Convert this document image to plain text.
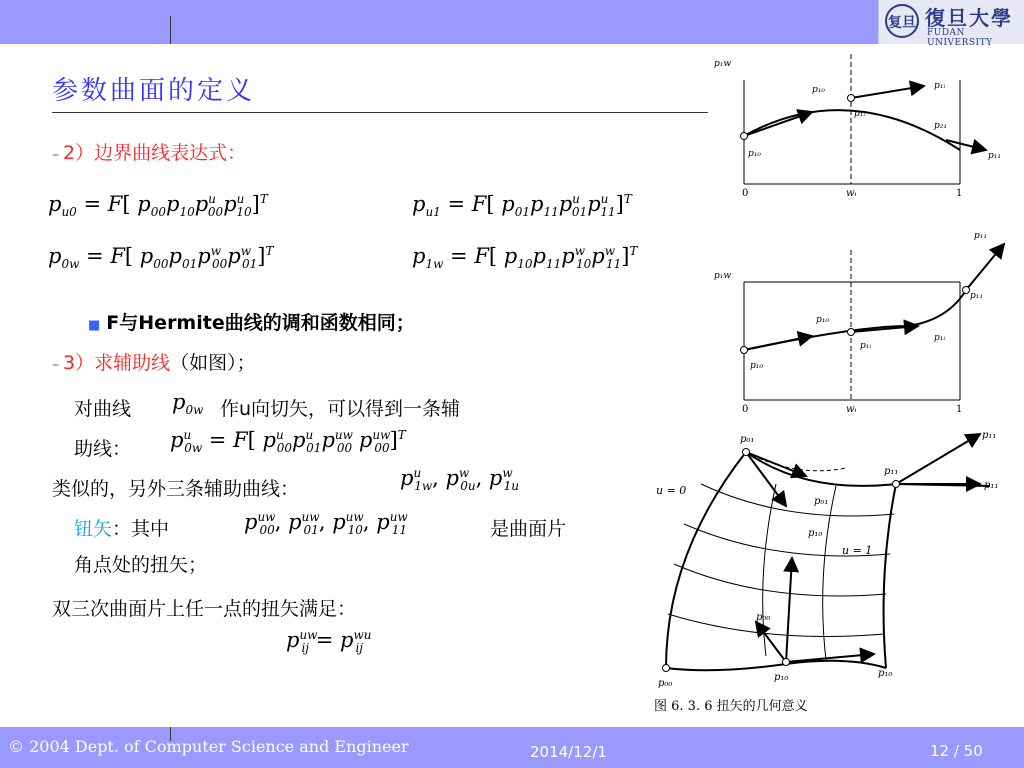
复旦 復旦大學
FUDAN UNIVERSITY
参数曲面的定义
– 2）边界曲线表达式：
$p_{u0} = F$[ $p_{00}p_{10}p^u_{00}p^u_{10}]^T$	$p_{u1} = F$[ $p_{01}p_{11}p^u_{01}p^u_{11}]^T$
$p_{0w} = F$[ $p_{00}p_{01}p^w_{00}p^w_{01}]^T$	$p_{1w} = F$[ $p_{10}p_{11}p^w_{10}p^w_{11}]^T$
■ F与Hermite曲线的调和函数相同；
– 3）求辅助线（如图）；
对曲线 $p_{0w}$ 作u向切矢，可以得到一条辅
助线： $p^u_{0w} = F$[ $p^u_{00}p^u_{01}p^{uw}_{00}$ $p^{uw}_{00}]^T$
类似的，另外三条辅助曲线：	$p^u_{1w}$, $p^w_{0u}$, $p^w_{1u}$
钮矢：其中	$p^{uw}_{00}$, $p^{uw}_{01}$, $p^{uw}_{10}$, $p^{uw}_{11}$	是曲面片
角点处的扭矢；
双三次曲面片上任一点的扭矢满足：
$p^{uw}_{ij} = p^{wu}_{ij}$
p₁w
p₁₀
p₁₀
p₁ᵢ
p₁ᵢ
p₂₁
p₁₁
0	wᵢ	1
p₁w
p₁₀
p₁₀
p₁ᵢ
p₁ᵢ
p₁₁
p₁₁
0	wᵢ	1
p₀₁
p₁₁
p₁₁
p₁₁
p₀₁
p₁₀
p₀₀
p₀₀
p₁₀	p₁₀
u = 0
u = 1
图 6. 3. 6 扭矢的几何意义
© 2004 Dept. of Computer Science and Engineer	2014/12/1	12 / 50
